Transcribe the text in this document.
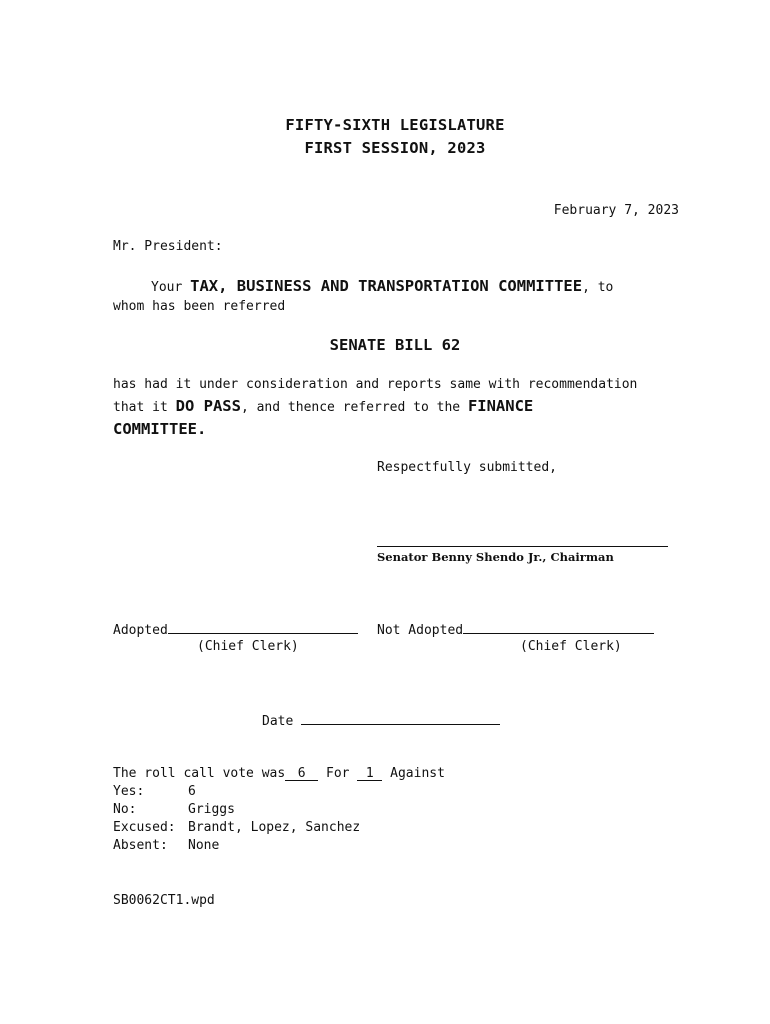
FIFTY-SIXTH LEGISLATURE
FIRST SESSION, 2023
February 7, 2023
Mr. President:
Your TAX, BUSINESS AND TRANSPORTATION COMMITTEE, to
whom has been referred
SENATE BILL 62
has had it under consideration and reports same with recommendation
that it DO PASS, and thence referred to the FINANCE
COMMITTEE.
Respectfully submitted,
Senator Benny Shendo Jr., Chairman
Adopted
(Chief Clerk)
Not Adopted
(Chief Clerk)
Date
The roll call vote was 6 For 1 Against
Yes:	6
No:	Griggs
Excused: Brandt, Lopez, Sanchez
Absent: None
SB0062CT1.wpd
